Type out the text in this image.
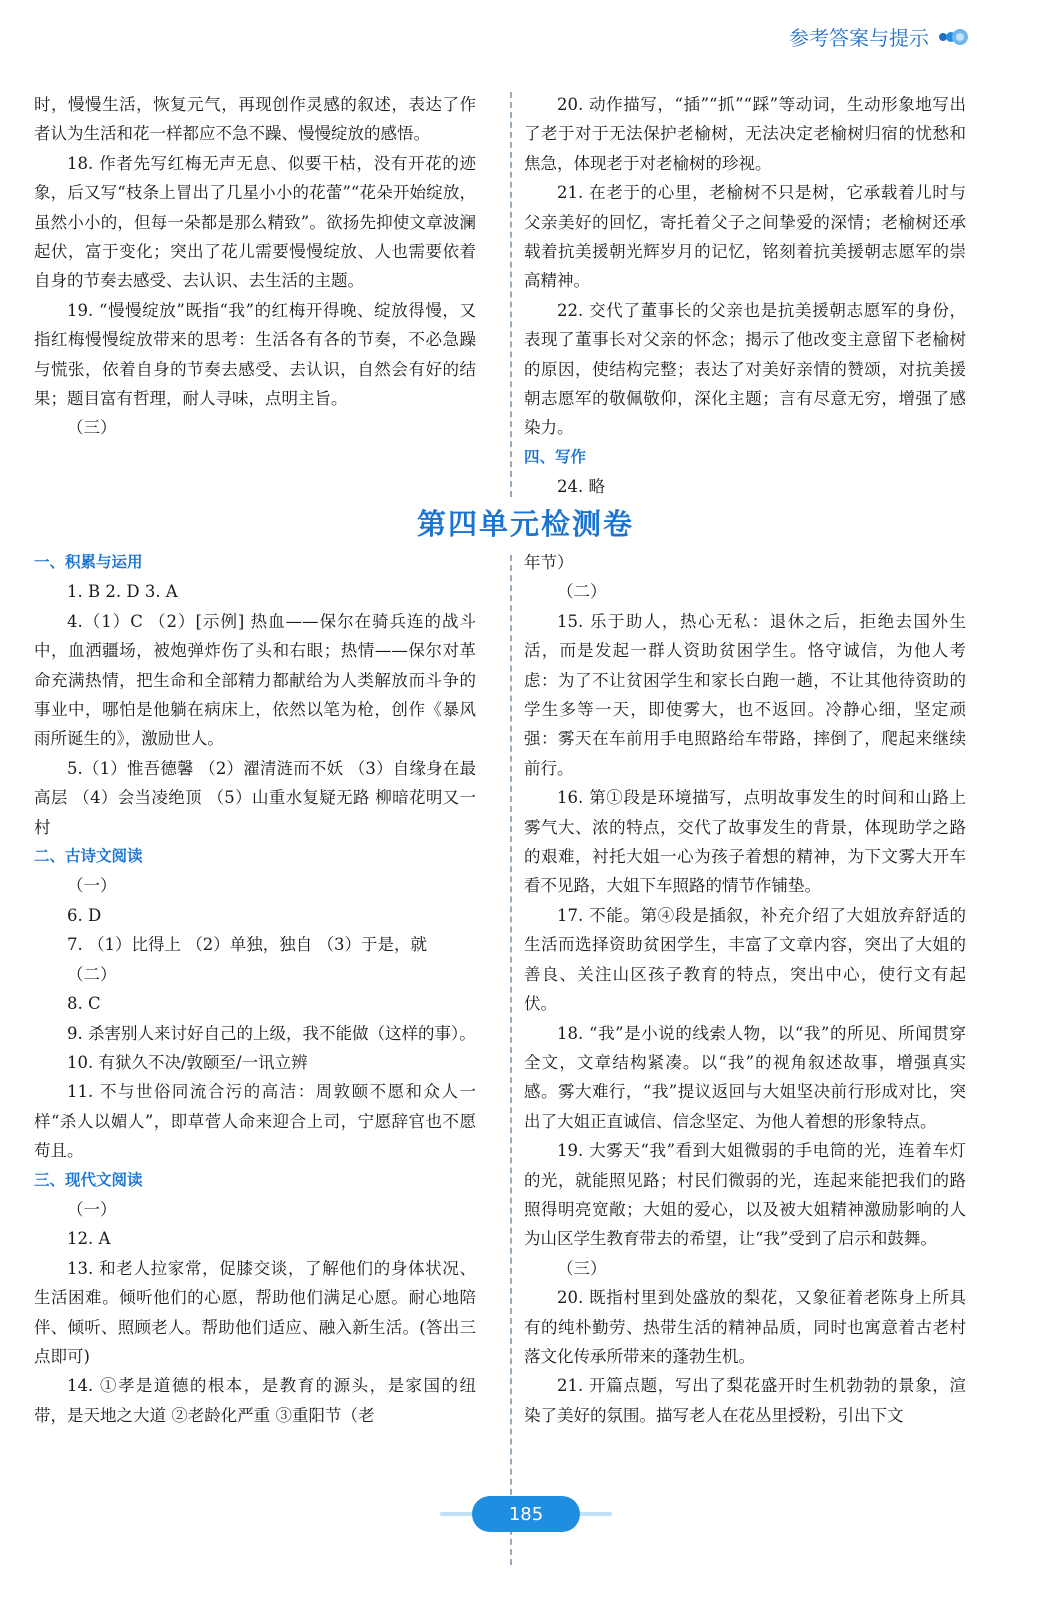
参考答案与提示

时，慢慢生活，恢复元气，再现创作灵感的叙述，表达了作者认为生活和花一样都应不急不躁、慢慢绽放的感悟。

18. 作者先写红梅无声无息、似要干枯，没有开花的迹象，后又写“枝条上冒出了几星小小的花蕾”“花朵开始绽放，虽然小小的，但每一朵都是那么精致”。欲扬先抑使文章波澜起伏，富于变化；突出了花儿需要慢慢绽放、人也需要依着自身的节奏去感受、去认识、去生活的主题。

19. “慢慢绽放”既指“我”的红梅开得晚、绽放得慢，又指红梅慢慢绽放带来的思考：生活各有各的节奏，不必急躁与慌张，依着自身的节奏去感受、去认识，自然会有好的结果；题目富有哲理，耐人寻味，点明主旨。

（三）

20. 动作描写，“插”“抓”“踩”等动词，生动形象地写出了老于对于无法保护老榆树，无法决定老榆树归宿的忧愁和焦急，体现老于对老榆树的珍视。

21. 在老于的心里，老榆树不只是树，它承载着儿时与父亲美好的回忆，寄托着父子之间挚爱的深情；老榆树还承载着抗美援朝光辉岁月的记忆，铭刻着抗美援朝志愿军的崇高精神。

22. 交代了董事长的父亲也是抗美援朝志愿军的身份，表现了董事长对父亲的怀念；揭示了他改变主意留下老榆树的原因，使结构完整；表达了对美好亲情的赞颂，对抗美援朝志愿军的敬佩敬仰，深化主题；言有尽意无穷，增强了感染力。

四、写作

24. 略

第四单元检测卷

一、积累与运用

1. B 2. D 3. A

4.（1）C （2）[示例] 热血——保尔在骑兵连的战斗中，血洒疆场，被炮弹炸伤了头和右眼；热情——保尔对革命充满热情，把生命和全部精力都献给为人类解放而斗争的事业中，哪怕是他躺在病床上，依然以笔为枪，创作《暴风雨所诞生的》，激励世人。

5.（1）惟吾德馨 （2）濯清涟而不妖 （3）自缘身在最高层 （4）会当凌绝顶 （5）山重水复疑无路 柳暗花明又一村

二、古诗文阅读

（一）

6. D

7. （1）比得上 （2）单独，独自 （3）于是，就

（二）

8. C

9. 杀害别人来讨好自己的上级，我不能做（这样的事）。

10. 有狱久不决/敦颐至/一讯立辨

11. 不与世俗同流合污的高洁：周敦颐不愿和众人一样“杀人以媚人”，即草菅人命来迎合上司，宁愿辞官也不愿苟且。

三、现代文阅读

（一）

12. A

13. 和老人拉家常，促膝交谈，了解他们的身体状况、生活困难。倾听他们的心愿，帮助他们满足心愿。耐心地陪伴、倾听、照顾老人。帮助他们适应、融入新生活。(答出三点即可)

14. ①孝是道德的根本，是教育的源头，是家国的纽带，是天地之大道 ②老龄化严重 ③重阳节（老

年节）

（二）

15. 乐于助人，热心无私：退休之后，拒绝去国外生活，而是发起一群人资助贫困学生。恪守诚信，为他人考虑：为了不让贫困学生和家长白跑一趟，不让其他待资助的学生多等一天，即使雾大，也不返回。冷静心细，坚定顽强：雾天在车前用手电照路给车带路，摔倒了，爬起来继续前行。

16. 第①段是环境描写，点明故事发生的时间和山路上雾气大、浓的特点，交代了故事发生的背景，体现助学之路的艰难，衬托大姐一心为孩子着想的精神，为下文雾大开车看不见路，大姐下车照路的情节作铺垫。

17. 不能。第④段是插叙，补充介绍了大姐放弃舒适的生活而选择资助贫困学生，丰富了文章内容，突出了大姐的善良、关注山区孩子教育的特点，突出中心，使行文有起伏。

18. “我”是小说的线索人物，以“我”的所见、所闻贯穿全文，文章结构紧凑。以“我”的视角叙述故事，增强真实感。雾大难行，“我”提议返回与大姐坚决前行形成对比，突出了大姐正直诚信、信念坚定、为他人着想的形象特点。

19. 大雾天“我”看到大姐微弱的手电筒的光，连着车灯的光，就能照见路；村民们微弱的光，连起来能把我们的路照得明亮宽敞；大姐的爱心，以及被大姐精神激励影响的人为山区学生教育带去的希望，让“我”受到了启示和鼓舞。

（三）

20. 既指村里到处盛放的梨花，又象征着老陈身上所具有的纯朴勤劳、热带生活的精神品质，同时也寓意着古老村落文化传承所带来的蓬勃生机。

21. 开篇点题，写出了梨花盛开时生机勃勃的景象，渲染了美好的氛围。描写老人在花丛里授粉，引出下文

185
